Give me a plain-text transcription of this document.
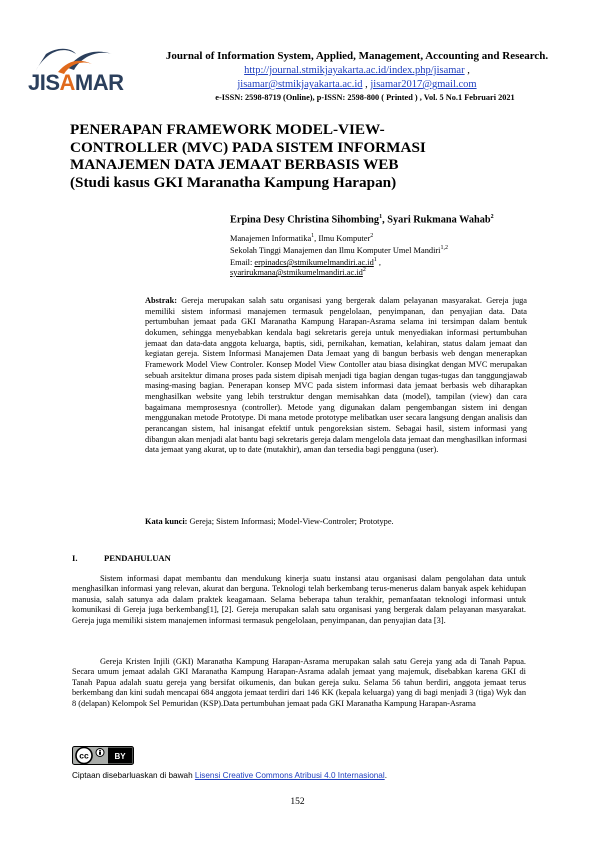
JISAMAR
Journal of Information System, Applied, Management, Accounting and Research.
http://journal.stmikjayakarta.ac.id/index.php/jisamar ,
jisamar@stmikjayakarta.ac.id , jisamar2017@gmail.com
e-ISSN: 2598-8719 (Online), p-ISSN: 2598-800 ( Printed ) , Vol. 5 No.1 Februari 2021
PENERAPAN FRAMEWORK MODEL-VIEW-
CONTROLLER (MVC) PADA SISTEM INFORMASI
MANAJEMEN DATA JEMAAT BERBASIS WEB
(Studi kasus GKI Maranatha Kampung Harapan)
Erpina Desy Christina Sihombing$^1$, Syari Rukmana Wahab$^2$
Manajemen Informatika$^1$, Ilmu Komputer$^2$
Sekolah Tinggi Manajemen dan Ilmu Komputer Umel Mandiri$^{1,2}$
Email: $erpinadcs@stmikumelmandiri.ac.id^1$ ,
$syarirukmana@stmikumelmandiri.ac.id^2$
Abstrak: Gereja merupakan salah satu organisasi yang bergerak dalam pelayanan masyarakat. Gereja juga memiliki sistem informasi manajemen termasuk pengelolaan, penyimpanan, dan penyajian data. Data pertumbuhan jemaat pada GKI Maranatha Kampung Harapan-Asrama selama ini tersimpan dalam bentuk dokumen, sehingga menyebabkan kendala bagi sekretaris gereja untuk menyediakan informasi pertumbuhan jemaat dan data-data anggota keluarga, baptis, sidi, pernikahan, kematian, kelahiran, status dalam jemaat dan kegiatan gereja. Sistem Informasi Manajemen Data Jemaat yang di bangun berbasis web dengan menerapkan Framework Model View Controler. Konsep Model View Contoller atau biasa disingkat dengan MVC merupakan sebuah arsitektur dimana proses pada sistem dipisah menjadi tiga bagian dengan tugas-tugas dan tanggungjawab masing-masing bagian. Penerapan konsep MVC pada sistem informasi data jemaat berbasis web diharapkan menghasilkan website yang lebih terstruktur dengan memisahkan data (model), tampilan (view) dan cara bagaimana memprosesnya (controller). Metode yang digunakan dalam pengembangan sistem ini dengan menggunakan metode Prototype. Di mana metode prototype melibatkan user secara langsung dengan analisis dan perancangan sistem, hal inisangat efektif untuk pengoreksian sistem. Sebagai hasil, sistem informasi yang dibangun akan menjadi alat bantu bagi sekretaris gereja dalam mengelola data jemaat dan menghasilkan informasi data jemaat yang akurat, up to date (mutakhir), aman dan tersedia bagi pengguna (user).
Kata kunci: Gereja; Sistem Informasi; Model-View-Controler; Prototype.
I.	PENDAHULUAN
Sistem informasi dapat membantu dan mendukung kinerja suatu instansi atau organisasi dalam pengolahan data untuk menghasilkan informasi yang relevan, akurat dan berguna. Teknologi telah berkembang terus-menerus dalam banyak aspek kehidupan manusia, salah satunya ada dalam praktek keagamaan. Selama beberapa tahun terakhir, pemanfaatan teknologi informasi untuk komunikasi di Gereja juga berkembang[1], [2]. Gereja merupakan salah satu organisasi yang bergerak dalam pelayanan masyarakat. Gereja juga memiliki sistem manajemen informasi termasuk pengelolaan, penyimpanan, dan penyajian data [3].
Gereja Kristen Injili (GKI) Maranatha Kampung Harapan-Asrama merupakan salah satu Gereja yang ada di Tanah Papua. Secara umum jemaat adalah GKI Maranatha Kampung Harapan-Asrama adalah jemaat yang majemuk, disebabkan karena GKI di Tanah Papua adalah suatu gereja yang bersifat oikumenis, dan bukan gereja suku. Selama 56 tahun berdiri, anggota jemaat terus berkembang dan kini sudah mencapai 684 anggota jemaat terdiri dari 146 KK (kepala keluarga) yang di bagi menjadi 3 (tiga) Wyk dan 8 (delapan) Kelompok Sel Pemuridan (KSP).Data pertumbuhan jemaat pada GKI Maranatha Kampung Harapan-Asrama
cc	BY
Ciptaan disebarluaskan di bawah Lisensi Creative Commons Atribusi 4.0 Internasional.
152
